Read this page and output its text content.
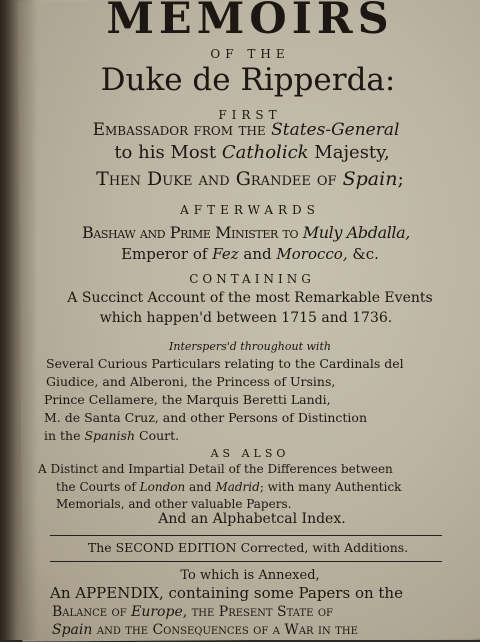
MEMOIRS
OF THE
Duke de Ripperda:
FIRST
Embassador from the States-General
to his Most Catholick Majesty,
Then Duke and Grandee of Spain;
AFTERWARDS
Bashaw and Prime Minister to Muly Abdalla,
Emperor of Fez and Morocco, &c.
CONTAINING
A Succinct Account of the most Remarkable Events
which happen'd between 1715 and 1736.
Interspers'd throughout with
Several Curious Particulars relating to the Cardinals del
Giudice, and Alberoni, the Princess of Ursins,
Prince Cellamere, the Marquis Beretti Landi,
M. de Santa Cruz, and other Persons of Distinction
in the Spanish Court.
AS ALSO
A Distinct and Impartial Detail of the Differences between
the Courts of London and Madrid; with many Authentick
Memorials, and other valuable Papers.
And an Alphabetcal Index.
The SECOND EDITION Corrected, with Additions.
To which is Annexed,
An APPENDIX, containing some Papers on the
Balance of Europe, the Present State of
Spain and the Consequences of a War in the
